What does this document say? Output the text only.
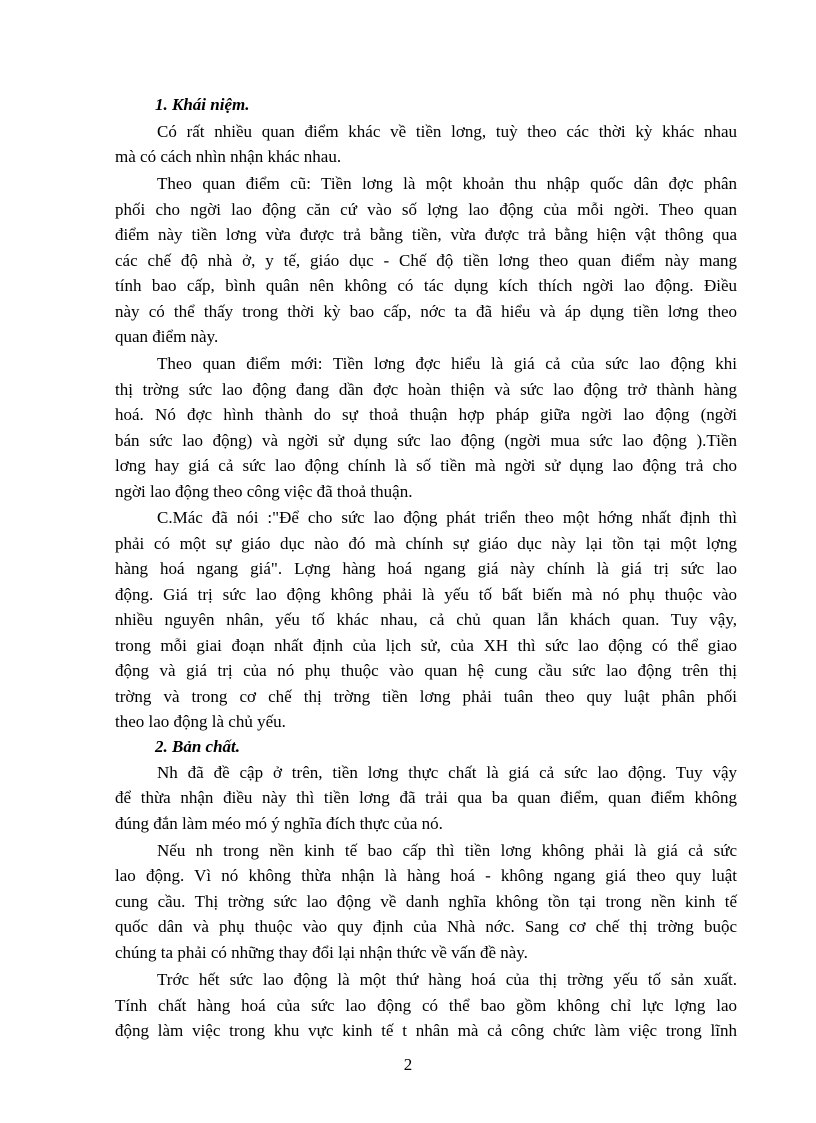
1. Khái niệm.
Có rất nhiều quan điểm khác về tiền lơng, tuỳ theo các thời kỳ khác nhau
mà có cách nhìn nhận khác nhau.
Theo quan điểm cũ: Tiền lơng là một khoản thu nhập quốc dân đợc phân
phối cho ngời lao động căn cứ vào số lợng lao động của mỗi ngời. Theo quan
điểm này tiền lơng vừa được trả bằng tiền, vừa được trả bằng hiện vật thông qua
các chế độ nhà ở, y tế, giáo dục - Chế độ tiền lơng theo quan điểm này mang
tính bao cấp, bình quân nên không có tác dụng kích thích ngời lao động. Điều
này có thể thấy trong thời kỳ bao cấp, nớc ta đã hiểu và áp dụng tiền lơng theo
quan điểm này.
Theo quan điểm mới: Tiền lơng đợc hiểu là giá cả của sức lao động khi
thị trờng sức lao động đang dần đợc hoàn thiện và sức lao động trở thành hàng
hoá. Nó đợc hình thành do sự thoả thuận hợp pháp giữa ngời lao động (ngời
bán sức lao động) và ngời sử dụng sức lao động (ngời mua sức lao động ).Tiền
lơng hay giá cả sức lao động chính là số tiền mà ngời sử dụng lao động trả cho
ngời lao động theo công việc đã thoả thuận.
C.Mác đã nói :"Để cho sức lao động phát triển theo một hớng nhất định thì
phải có một sự giáo dục nào đó mà chính sự giáo dục này lại tồn tại một lợng
hàng hoá ngang giá". Lợng hàng hoá ngang giá này chính là giá trị sức lao
động. Giá trị sức lao động không phải là yếu tố bất biến mà nó phụ thuộc vào
nhiều nguyên nhân, yếu tố khác nhau, cả chủ quan lẫn khách quan. Tuy vậy,
trong mỗi giai đoạn nhất định của lịch sử, của XH thì sức lao động có thể giao
động và giá trị của nó phụ thuộc vào quan hệ cung cầu sức lao động trên thị
trờng và trong cơ chế thị trờng tiền lơng phải tuân theo quy luật phân phối
theo lao động là chủ yếu.
2. Bản chất.
Nh đã đề cập ở trên, tiền lơng thực chất là giá cả sức lao động. Tuy vậy
để thừa nhận điều này thì tiền lơng đã trải qua ba quan điểm, quan điểm không
đúng đắn làm méo mó ý nghĩa đích thực của nó.
Nếu nh trong nền kinh tế bao cấp thì tiền lơng không phải là giá cả sức
lao động. Vì nó không thừa nhận là hàng hoá - không ngang giá theo quy luật
cung cầu. Thị trờng sức lao động về danh nghĩa không tồn tại trong nền kinh tế
quốc dân và phụ thuộc vào quy định của Nhà nớc. Sang cơ chế thị trờng buộc
chúng ta phải có những thay đổi lại nhận thức về vấn đề này.
Trớc hết sức lao động là một thứ hàng hoá của thị trờng yếu tố sản xuất.
Tính chất hàng hoá của sức lao động có thể bao gồm không chỉ lực lợng lao
động làm việc trong khu vực kinh tế t nhân mà cả công chức làm việc trong lĩnh
2
